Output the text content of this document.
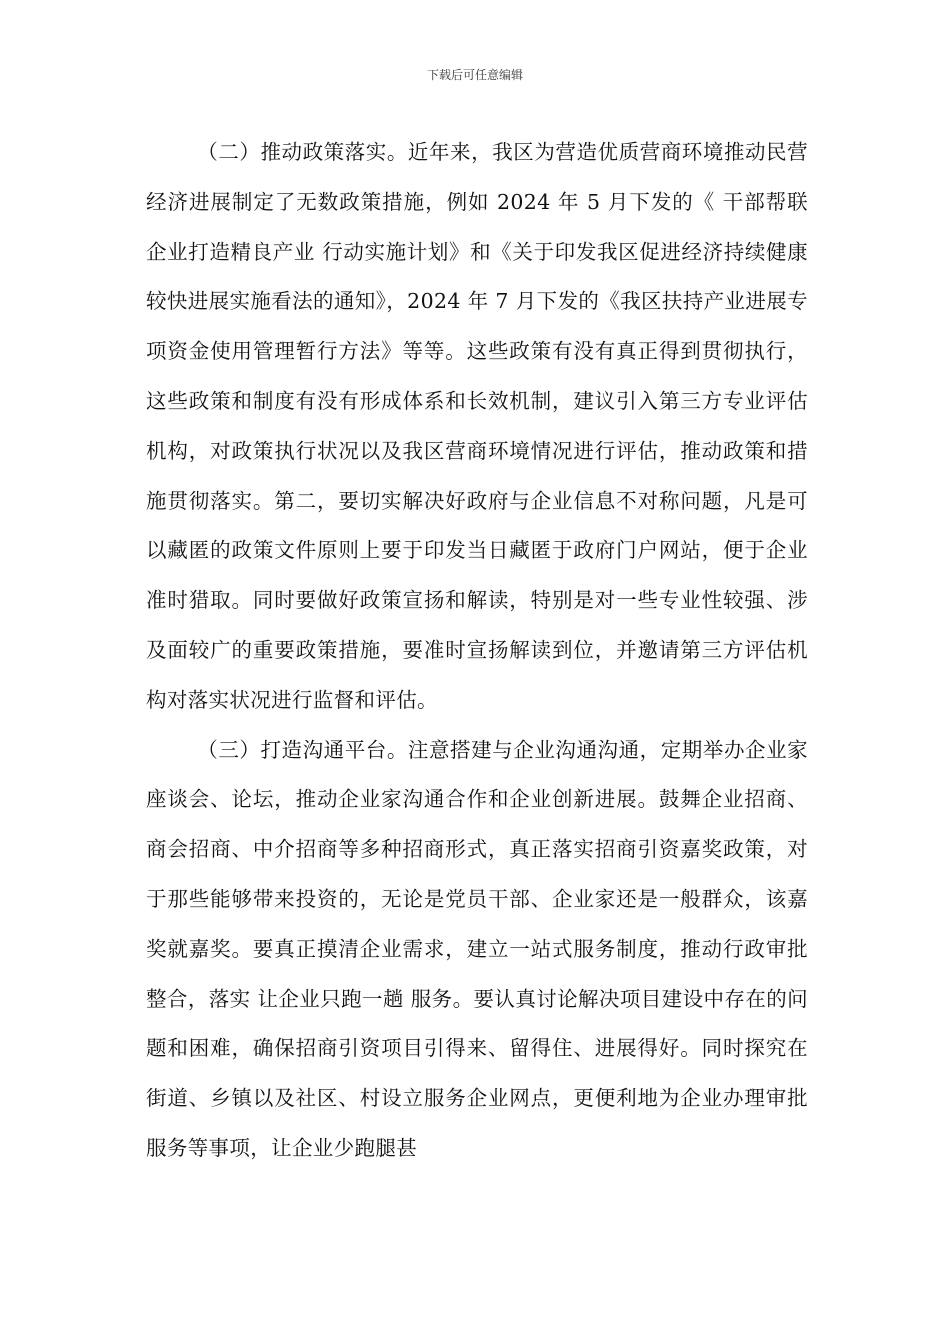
下载后可任意编辑

（二）推动政策落实。近年来，我区为营造优质营商环境推动民营经济进展制定了无数政策措施，例如 2024 年 5 月下发的《 干部帮联企业打造精良产业 行动实施计划》和《关于印发我区促进经济持续健康较快进展实施看法的通知》，2024 年 7 月下发的《我区扶持产业进展专项资金使用管理暂行方法》等等。这些政策有没有真正得到贯彻执行，这些政策和制度有没有形成体系和长效机制，建议引入第三方专业评估机构，对政策执行状况以及我区营商环境情况进行评估，推动政策和措施贯彻落实。第二，要切实解决好政府与企业信息不对称问题，凡是可以藏匿的政策文件原则上要于印发当日藏匿于政府门户网站，便于企业准时猎取。同时要做好政策宣扬和解读，特别是对一些专业性较强、涉及面较广的重要政策措施，要准时宣扬解读到位，并邀请第三方评估机构对落实状况进行监督和评估。

（三）打造沟通平台。注意搭建与企业沟通沟通，定期举办企业家座谈会、论坛，推动企业家沟通合作和企业创新进展。鼓舞企业招商、商会招商、中介招商等多种招商形式，真正落实招商引资嘉奖政策，对于那些能够带来投资的，无论是党员干部、企业家还是一般群众，该嘉奖就嘉奖。要真正摸清企业需求，建立一站式服务制度，推动行政审批整合，落实 让企业只跑一趟 服务。要认真讨论解决项目建设中存在的问题和困难，确保招商引资项目引得来、留得住、进展得好。同时探究在街道、乡镇以及社区、村设立服务企业网点，更便利地为企业办理审批服务等事项，让企业少跑腿甚
